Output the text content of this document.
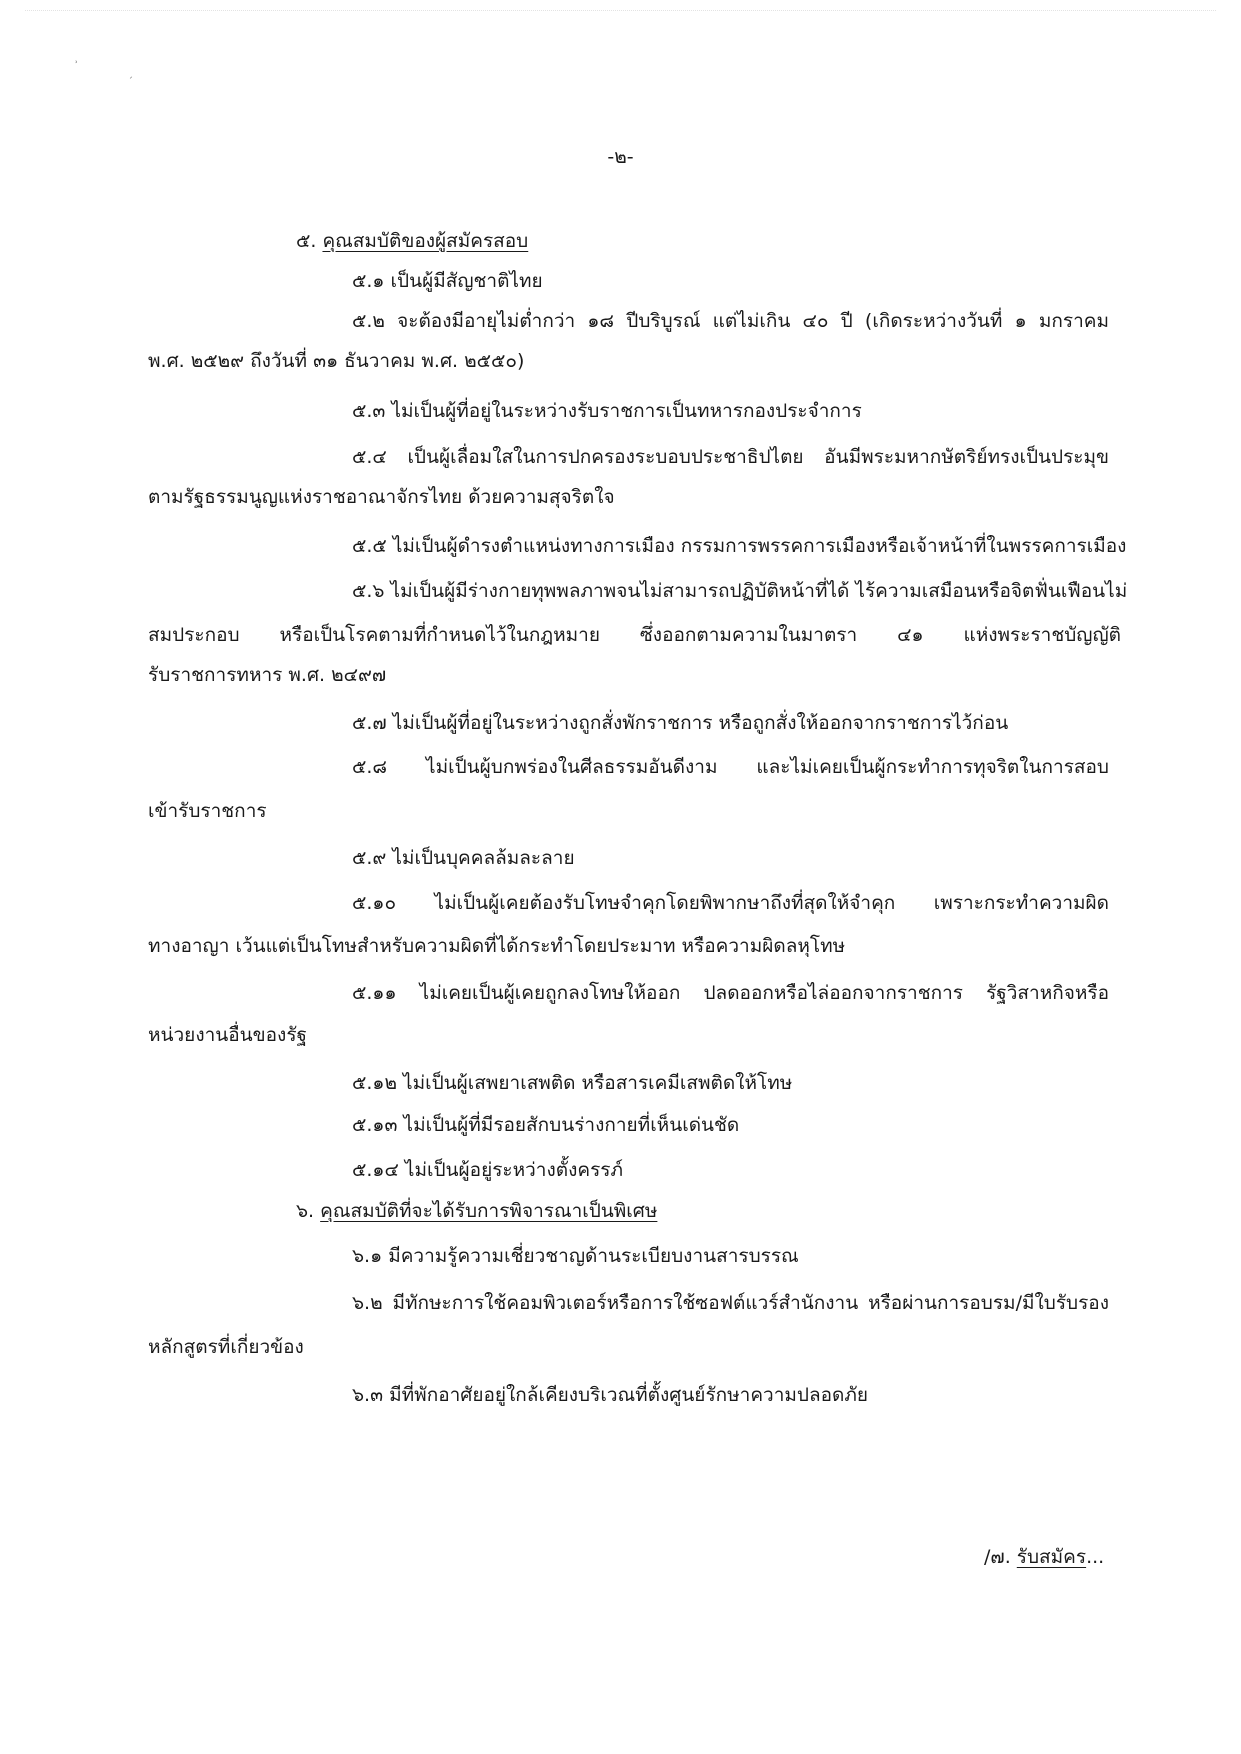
ʾ
ˏ
-๒-
๕. คุณสมบัติของผู้สมัครสอบ
๕.๑ เป็นผู้มีสัญชาติไทย
๕.๒ จะต้องมีอายุไม่ต่ำกว่า ๑๘ ปีบริบูรณ์ แต่ไม่เกิน ๔๐ ปี (เกิดระหว่างวันที่ ๑ มกราคม
พ.ศ. ๒๕๒๙ ถึงวันที่ ๓๑ ธันวาคม พ.ศ. ๒๕๕๐)
๕.๓ ไม่เป็นผู้ที่อยู่ในระหว่างรับราชการเป็นทหารกองประจำการ
๕.๔ เป็นผู้เลื่อมใสในการปกครองระบอบประชาธิปไตย อันมีพระมหากษัตริย์ทรงเป็นประมุข
ตามรัฐธรรมนูญแห่งราชอาณาจักรไทย ด้วยความสุจริตใจ
๕.๕ ไม่เป็นผู้ดำรงตำแหน่งทางการเมือง กรรมการพรรคการเมืองหรือเจ้าหน้าที่ในพรรคการเมือง
๕.๖ ไม่เป็นผู้มีร่างกายทุพพลภาพจนไม่สามารถปฏิบัติหน้าที่ได้ ไร้ความเสมือนหรือจิตฟั่นเฟือนไม่
สมประกอบ หรือเป็นโรคตามที่กำหนดไว้ในกฎหมาย ซึ่งออกตามความในมาตรา ๔๑ แห่งพระราชบัญญัติ
รับราชการทหาร พ.ศ. ๒๔๙๗
๕.๗ ไม่เป็นผู้ที่อยู่ในระหว่างถูกสั่งพักราชการ หรือถูกสั่งให้ออกจากราชการไว้ก่อน
๕.๘ ไม่เป็นผู้บกพร่องในศีลธรรมอันดีงาม และไม่เคยเป็นผู้กระทำการทุจริตในการสอบ
เข้ารับราชการ
๕.๙ ไม่เป็นบุคคลล้มละลาย
๕.๑๐ ไม่เป็นผู้เคยต้องรับโทษจำคุกโดยพิพากษาถึงที่สุดให้จำคุก เพราะกระทำความผิด
ทางอาญา เว้นแต่เป็นโทษสำหรับความผิดที่ได้กระทำโดยประมาท หรือความผิดลหุโทษ
๕.๑๑ ไม่เคยเป็นผู้เคยถูกลงโทษให้ออก ปลดออกหรือไล่ออกจากราชการ รัฐวิสาหกิจหรือ
หน่วยงานอื่นของรัฐ
๕.๑๒ ไม่เป็นผู้เสพยาเสพติด หรือสารเคมีเสพติดให้โทษ
๕.๑๓ ไม่เป็นผู้ที่มีรอยสักบนร่างกายที่เห็นเด่นชัด
๕.๑๔ ไม่เป็นผู้อยู่ระหว่างตั้งครรภ์
๖. คุณสมบัติที่จะได้รับการพิจารณาเป็นพิเศษ
๖.๑ มีความรู้ความเชี่ยวชาญด้านระเบียบงานสารบรรณ
๖.๒ มีทักษะการใช้คอมพิวเตอร์หรือการใช้ซอฟต์แวร์สำนักงาน หรือผ่านการอบรม/มีใบรับรอง
หลักสูตรที่เกี่ยวข้อง
๖.๓ มีที่พักอาศัยอยู่ใกล้เคียงบริเวณที่ตั้งศูนย์รักษาความปลอดภัย
/๗. รับสมัคร...
